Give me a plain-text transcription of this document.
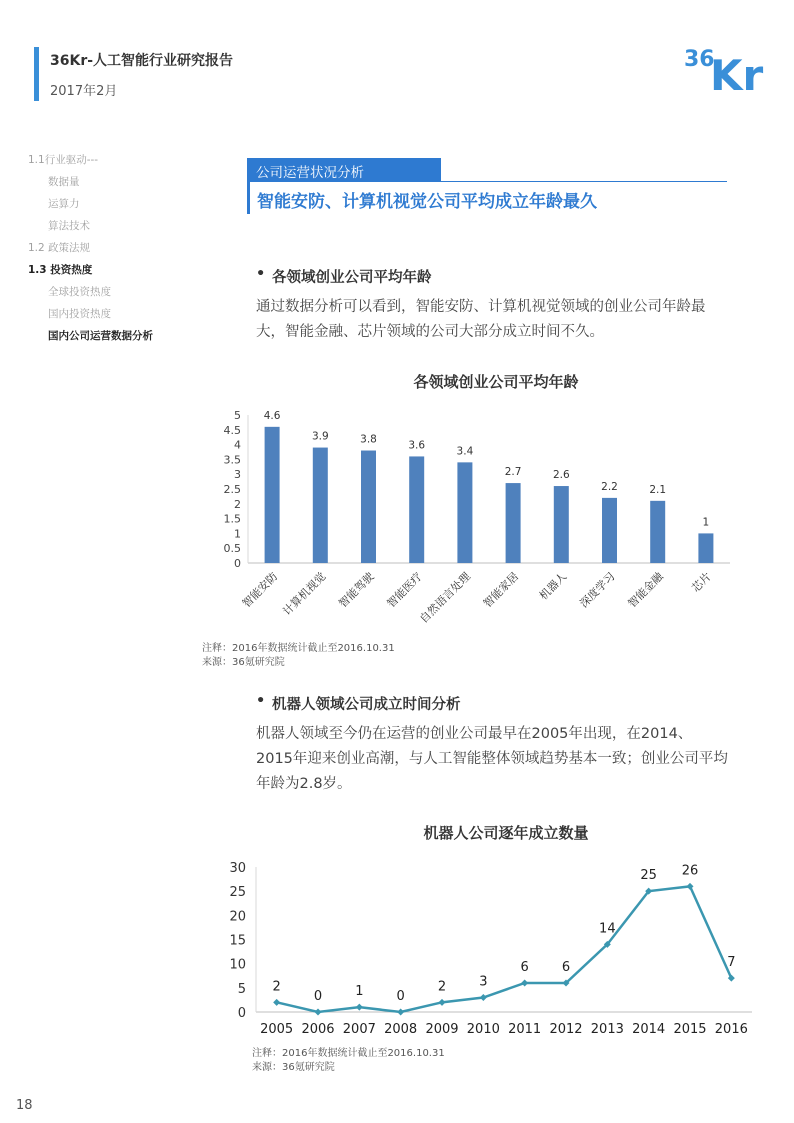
36Kr-人工智能行业研究报告
2017年2月
36
Kr
1.1行业驱动---
数据量
运算力
算法技术
1.2 政策法规
1.3 投资热度
全球投资热度
国内投资热度
国内公司运营数据分析
公司运营状况分析
智能安防、计算机视觉公司平均成立年龄最久
• 各领域创业公司平均年龄
通过数据分析可以看到，智能安防、计算机视觉领域的创业公司年龄最大，智能金融、芯片领域的公司大部分成立时间不久。
各领域创业公司平均年龄
0
0.5
1
1.5
2
2.5
3
3.5
4
4.5
5 4.6
智能安防
3.9
计算机视觉
3.8
智能驾驶
3.6
智能医疗
3.4
自然语言处理
2.7
智能家居
2.6
机器人
2.2
深度学习
2.1
智能金融
1
芯片
注释：2016年数据统计截止至2016.10.31
来源：36氪研究院
• 机器人领域公司成立时间分析
机器人领域至今仍在运营的创业公司最早在2005年出现，在2014、2015年迎来创业高潮，与人工智能整体领域趋势基本一致；创业公司平均年龄为2.8岁。
机器人公司逐年成立数量
0
5
10
15
20
25
30
2
2005
0
2006
1
2007
0
2008
2
2009
3
2010
6
2011
6
2012
14
2013
25
2014
26
2015
7
2016
注释：2016年数据统计截止至2016.10.31
来源：36氪研究院
18
